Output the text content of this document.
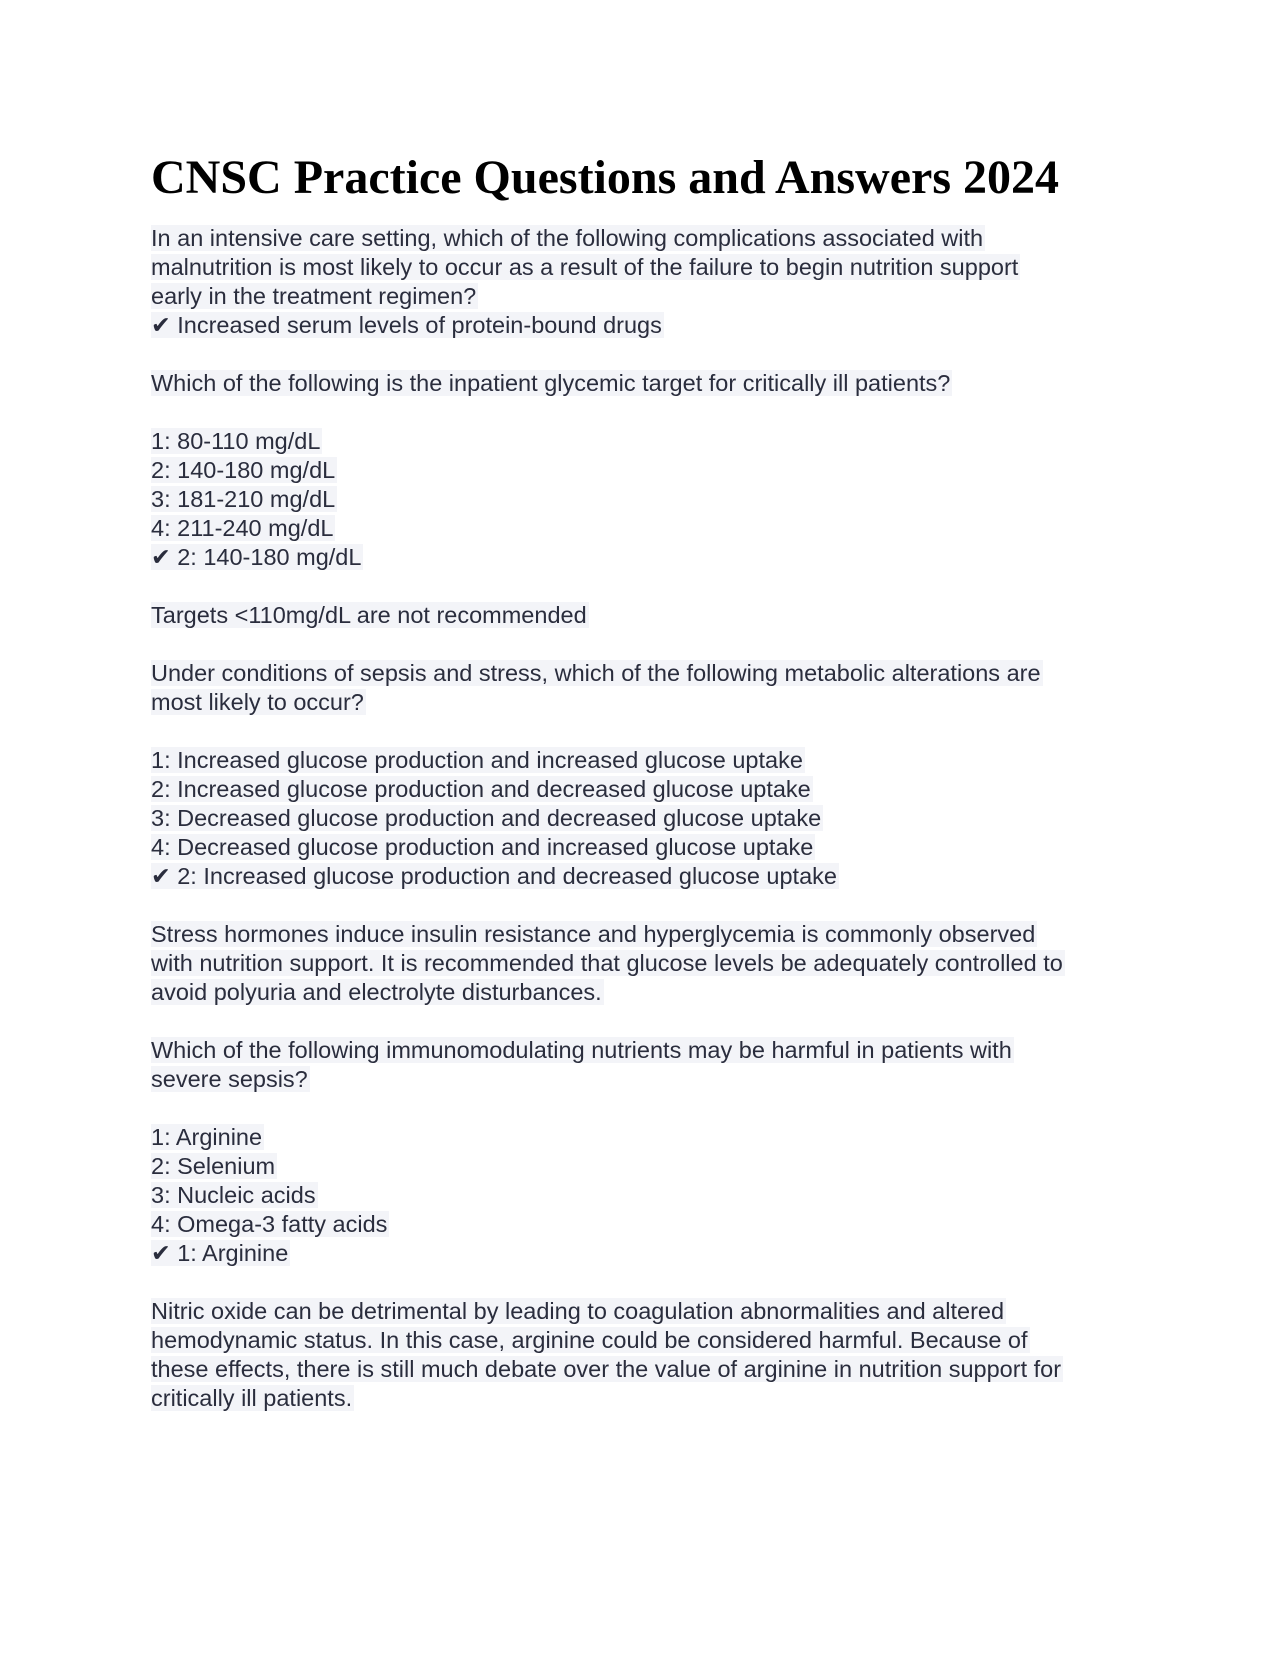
CNSC Practice Questions and Answers 2024
In an intensive care setting, which of the following complications associated with
malnutrition is most likely to occur as a result of the failure to begin nutrition support
early in the treatment regimen?
✔ Increased serum levels of protein-bound drugs
Which of the following is the inpatient glycemic target for critically ill patients?
1: 80-110 mg/dL
2: 140-180 mg/dL
3: 181-210 mg/dL
4: 211-240 mg/dL
✔ 2: 140-180 mg/dL
Targets <110mg/dL are not recommended
Under conditions of sepsis and stress, which of the following metabolic alterations are
most likely to occur?
1: Increased glucose production and increased glucose uptake
2: Increased glucose production and decreased glucose uptake
3: Decreased glucose production and decreased glucose uptake
4: Decreased glucose production and increased glucose uptake
✔ 2: Increased glucose production and decreased glucose uptake
Stress hormones induce insulin resistance and hyperglycemia is commonly observed
with nutrition support. It is recommended that glucose levels be adequately controlled to
avoid polyuria and electrolyte disturbances.
Which of the following immunomodulating nutrients may be harmful in patients with
severe sepsis?
1: Arginine
2: Selenium
3: Nucleic acids
4: Omega-3 fatty acids
✔ 1: Arginine
Nitric oxide can be detrimental by leading to coagulation abnormalities and altered
hemodynamic status. In this case, arginine could be considered harmful. Because of
these effects, there is still much debate over the value of arginine in nutrition support for
critically ill patients.
